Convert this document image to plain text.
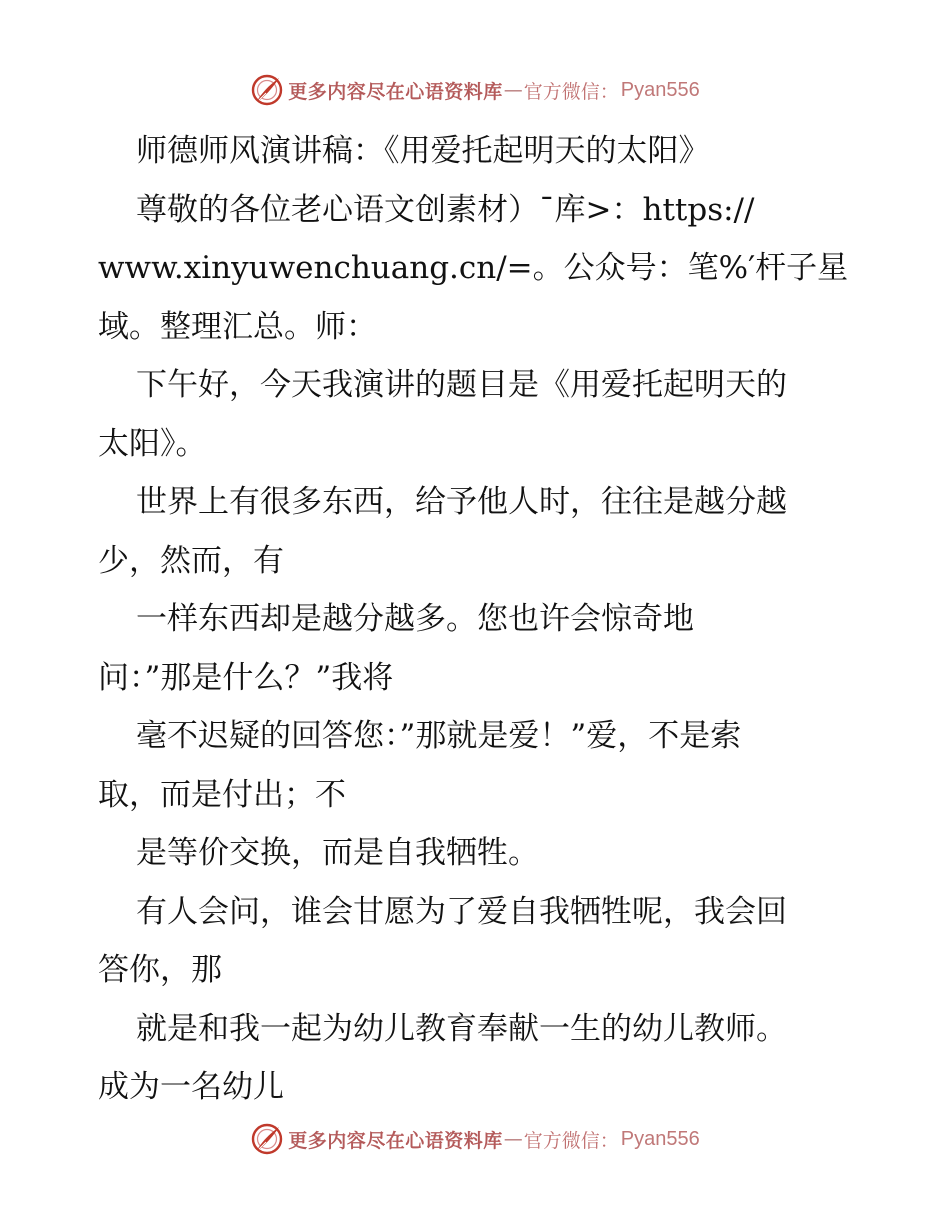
更多内容尽在心语资料库 — 官方微信： Pyan556
师德师风演讲稿：《用爱托起明天的太阳》
尊敬的各位老心语文创素材）¯库>：https://
www.xinyuwenchuang.cn/=。公众号：笔%′杆子星
域。整理汇总。师：
下午好，今天我演讲的题目是《用爱托起明天的
太阳》。
世界上有很多东西，给予他人时，往往是越分越
少，然而，有
一样东西却是越分越多。您也许会惊奇地
问：”那是什么？”我将
毫不迟疑的回答您：”那就是爱！”爱，不是索
取，而是付出；不
是等价交换，而是自我牺牲。
有人会问，谁会甘愿为了爱自我牺牲呢，我会回
答你，那
就是和我一起为幼儿教育奉献一生的幼儿教师。
成为一名幼儿
更多内容尽在心语资料库 — 官方微信： Pyan556
